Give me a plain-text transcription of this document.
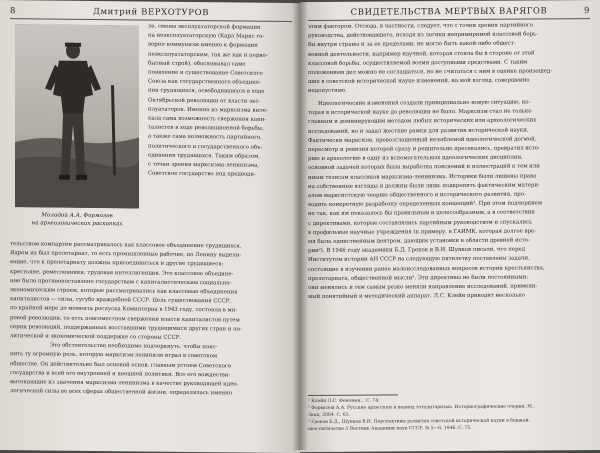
8	Дмитрий ВЕРХОТУРОВ
Молодой А.А. Формозов
на археологических раскопках
ле, смены эксплуататорской формации
на неэксплуататорскую (Карл Маркс го-
ворил коммунизм именно к формации
неэксплуататорским, так же как и перво-
бытный строй), обосновывал само
появление и существование Советского
Союза как государственного объедине-
ния трудящихся, освободившихся в ходе
Октябрьской революции от власти экс-
плуататоров. Именно из марксизма выте-
кала сама возможность свержения капи-
талистов в ходе революционной борьбы,
а также сама возможность партийного,
политического и государственного объ-
единения трудящихся. Таким образом,
с точки зрения марксизма-ленинизма,
Советское государство под предводи-
тельством компартии рассматривалось как классовое объединение трудящихся.
Ядром их был пролетариат, то есть промышленные рабочие, по Ленину выдели-
ющие, что к пролетариату должны присоединиться и другие трудящиеся:
крестьяне, ремесленники, трудовая интеллигенция. Это классовое объедине-
ние было противопоставлено государствам с капиталистическим социально-
экономическим строем, которые рассматривались как классовые объединения
капиталистов — силы, сугубо враждебной СССР. Цель существования СССР,
по крайней мере до момента роспуска Коминтерна в 1943 году, состояла в ми-
ровой революции, то есть повсеместном свержении власти капиталистов путем
серии революций, поддержанных восставшими трудящимися других стран и по-
литической и экономической поддержке со стороны СССР.
Это обстоятельство необходимо подчеркнуть, чтобы пояс-
нить ту огромную роль, которую марксизм-ленинизм играл в советском
обществе. Он действительно был основой основ, главным устоем Советского
государства и всей его внутренней и внешней политики. Все его вождестви-
вытекающие из значения марксизма-ленинизма в качестве руководящей идео-
логической силы во всех сферах общественной жизни, определялась именно
СВИДЕТЕЛЬСТВА МЕРТВЫХ ВАРЯГОВ	9
этим фактором. Отсюда, в частности, следует, что с точки зрения партийного
руководства, действовавшего, исходя из логики непримиримой классовой борь-
бы внутри страны и за ее пределами, не могло быть какой-либо общест-
венной деятельности, например научной, которая стояла бы в стороне от этой
классовой борьбы, осуществляемой всеми доступными средствами. С таким
положением дел можно не соглашаться, но не считаться с ним в оценке произошед-
ших в советской исторической науке изменений, на мой взгляд, совершенно
недопустимо.
Идеологические изменения создали принципиально новую ситуацию, ко-
торая в исторической науке до революции не было. Марксизм стал не только
главным и доминирующим методом любых исторических или археологических
исследований, но и задал жесткие рамки для развития исторической науки.
Фактически марксизм, провозглашенный незыблемой идеологической догмой,
пересмотр и ревизия которой сразу и решительно пресекались, превратил исто-
рию и археологию в одну из вспомогательных идеологических дисциплин,
основной задачей которых была выработка пояснений и иллюстраций к тем или
иным тезисам классиков марксизма-ленинизма. Историки были лишены права
на собственные взгляды и должны были лишь подкрепить фактическим матери-
алом марксистскую теорию общественного и исторического развития, про-
водить конкретную разработку определенных концепций¹. При этом подчеркнем
не так, как им показалось бы правильным и целесообразным, а в соответствии
с директивами, которые составлялись партийным руководством и спускались
в профильные научные учреждения (к примеру, в ГАИМК, которая долгое вре-
мя была единственным центром, дающим установки в области древней исто-
рии²). В 1946 году академики Б.Д. Греков и В.И. Шунков писали, что перед
Институтом истории АН СССР на следующую пятилетку поставлены задачи,
состоящие в изучении ранее малоисследованных вопросов истории крестьянства,
пролетариата, общественной мысли³. Эти директивы не были постоянными:
они менялись и тем самым резко меняли направление исследований, примени-
мый понятийный и методический аппарат. Л.С. Клейн приводит несколько
¹ Клейн Л.С. Феномен... С. 74.
² Формозов А.А. Русские археологи в период тоталитаризма. Историографические очерки. М.:
Знак, 2004. С. 63.
³ Греков Б.Д., Шунков В.И. Перспективы развития советской исторической науки в ближай-
шее пятилетие // Вестник Академии наук СССР. № 5—6, 1946. С. 75.
